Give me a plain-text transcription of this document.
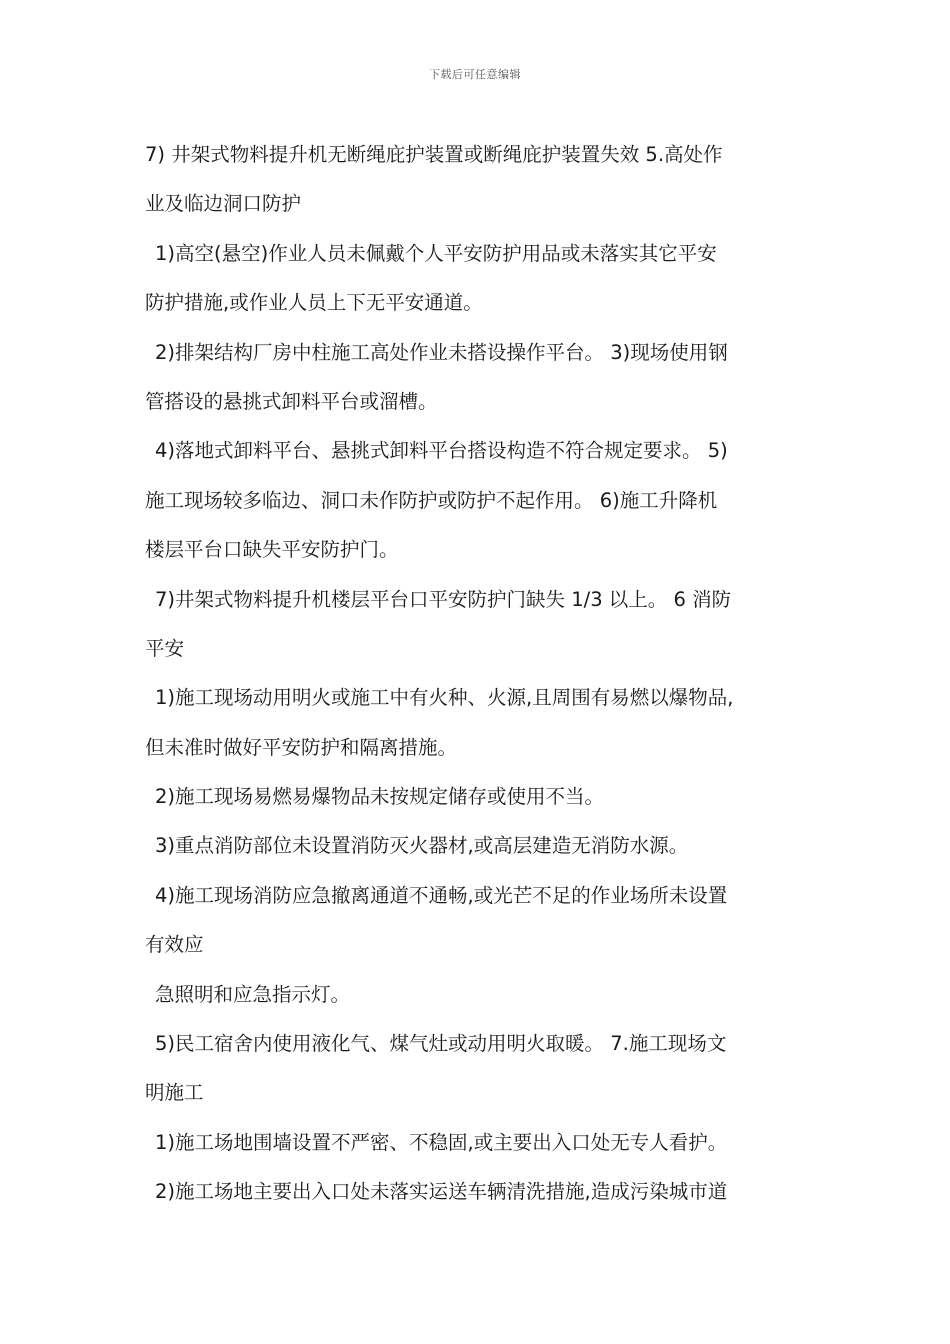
下载后可任意编辑
7) 井架式物料提升机无断绳庇护装置或断绳庇护装置失效 5.高处作
业及临边洞口防护
1)高空(悬空)作业人员未佩戴个人平安防护用品或未落实其它平安
防护措施,或作业人员上下无平安通道。
2)排架结构厂房中柱施工高处作业未搭设操作平台。 3)现场使用钢
管搭设的悬挑式卸料平台或溜槽。
4)落地式卸料平台、悬挑式卸料平台搭设构造不符合规定要求。 5)
施工现场较多临边、洞口未作防护或防护不起作用。 6)施工升降机
楼层平台口缺失平安防护门。
7)井架式物料提升机楼层平台口平安防护门缺失 1/3 以上。 6 消防
平安
1)施工现场动用明火或施工中有火种、火源,且周围有易燃以爆物品,
但未准时做好平安防护和隔离措施。
2)施工现场易燃易爆物品未按规定储存或使用不当。
3)重点消防部位未设置消防灭火器材,或高层建造无消防水源。
4)施工现场消防应急撤离通道不通畅,或光芒不足的作业场所未设置
有效应
急照明和应急指示灯。
5)民工宿舍内使用液化气、煤气灶或动用明火取暖。 7.施工现场文
明施工
1)施工场地围墙设置不严密、不稳固,或主要出入口处无专人看护。
2)施工场地主要出入口处未落实运送车辆清洗措施,造成污染城市道
